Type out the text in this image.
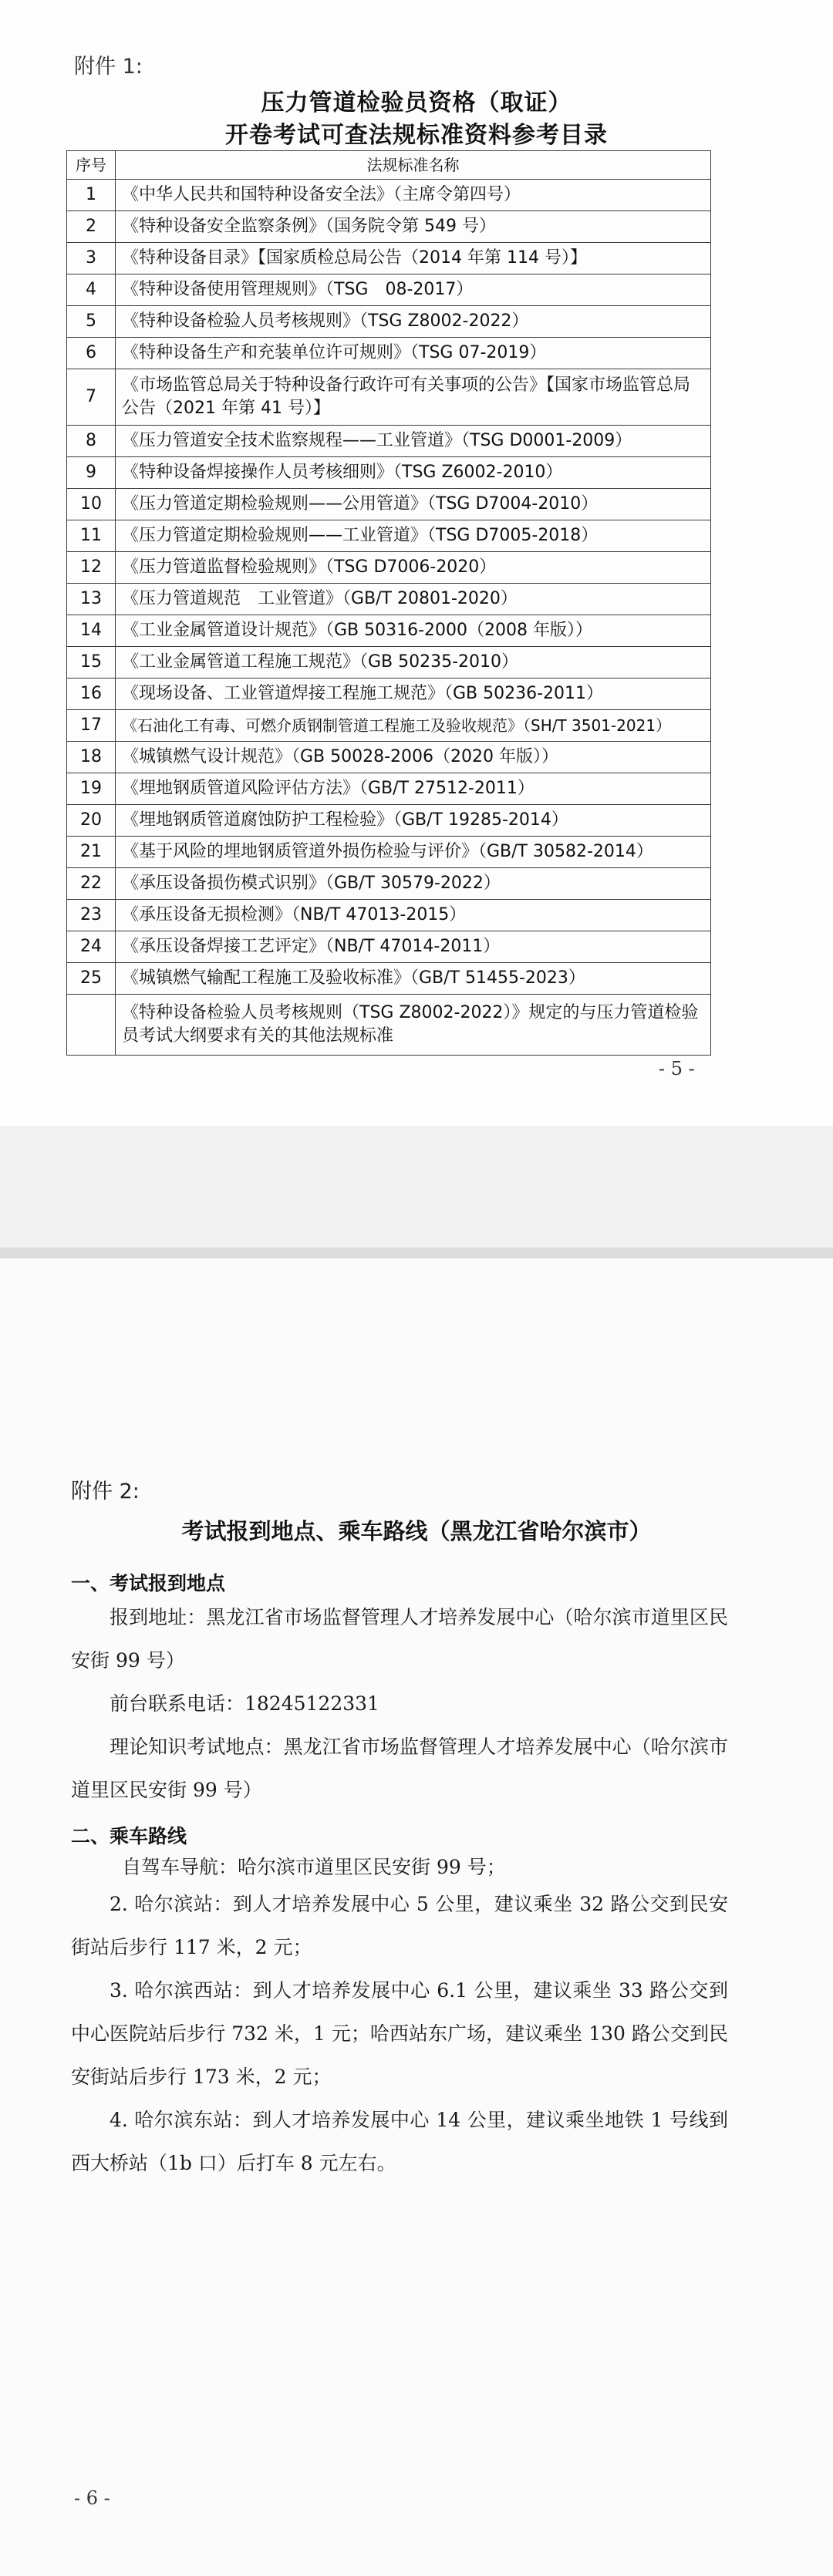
附件 1:
压力管道检验员资格（取证）
开卷考试可查法规标准资料参考目录
序号	法规标准名称
1	《中华人民共和国特种设备安全法》（主席令第四号）
2	《特种设备安全监察条例》（国务院令第 549 号）
3	《特种设备目录》【国家质检总局公告（2014 年第 114 号）】
4	《特种设备使用管理规则》（TSG　08-2017）
5	《特种设备检验人员考核规则》（TSG Z8002-2022）
6	《特种设备生产和充装单位许可规则》（TSG 07-2019）
7	《市场监管总局关于特种设备行政许可有关事项的公告》【国家市场监管总局公告（2021 年第 41 号）】
8	《压力管道安全技术监察规程——工业管道》（TSG D0001-2009）
9	《特种设备焊接操作人员考核细则》（TSG Z6002-2010）
10	《压力管道定期检验规则——公用管道》（TSG D7004-2010）
11	《压力管道定期检验规则——工业管道》（TSG D7005-2018）
12	《压力管道监督检验规则》（TSG D7006-2020）
13	《压力管道规范　工业管道》（GB/T 20801-2020）
14	《工业金属管道设计规范》（GB 50316-2000（2008 年版））
15	《工业金属管道工程施工规范》（GB 50235-2010）
16	《现场设备、工业管道焊接工程施工规范》（GB 50236-2011）
17	《石油化工有毒、可燃介质钢制管道工程施工及验收规范》（SH/T 3501-2021）
18	《城镇燃气设计规范》（GB 50028-2006（2020 年版））
19	《埋地钢质管道风险评估方法》（GB/T 27512-2011）
20	《埋地钢质管道腐蚀防护工程检验》（GB/T 19285-2014）
21	《基于风险的埋地钢质管道外损伤检验与评价》（GB/T 30582-2014）
22	《承压设备损伤模式识别》（GB/T 30579-2022）
23	《承压设备无损检测》（NB/T 47013-2015）
24	《承压设备焊接工艺评定》（NB/T 47014-2011）
25	《城镇燃气输配工程施工及验收标准》（GB/T 51455-2023）
	《特种设备检验人员考核规则（TSG Z8002-2022）》规定的与压力管道检验员考试大纲要求有关的其他法规标准
- 5 -
附件 2:
考试报到地点、乘车路线（黑龙江省哈尔滨市）
一、考试报到地点
报到地址：黑龙江省市场监督管理人才培养发展中心（哈尔滨市道里区民安街 99 号）
前台联系电话：18245122331
理论知识考试地点：黑龙江省市场监督管理人才培养发展中心（哈尔滨市道里区民安街 99 号）
二、乘车路线
自驾车导航：哈尔滨市道里区民安街 99 号；
2. 哈尔滨站：到人才培养发展中心 5 公里，建议乘坐 32 路公交到民安街站后步行 117 米，2 元；
3. 哈尔滨西站：到人才培养发展中心 6.1 公里，建议乘坐 33 路公交到中心医院站后步行 732 米，1 元；哈西站东广场，建议乘坐 130 路公交到民安街站后步行 173 米，2 元；
4. 哈尔滨东站：到人才培养发展中心 14 公里，建议乘坐地铁 1 号线到西大桥站（1b 口）后打车 8 元左右。
- 6 -
